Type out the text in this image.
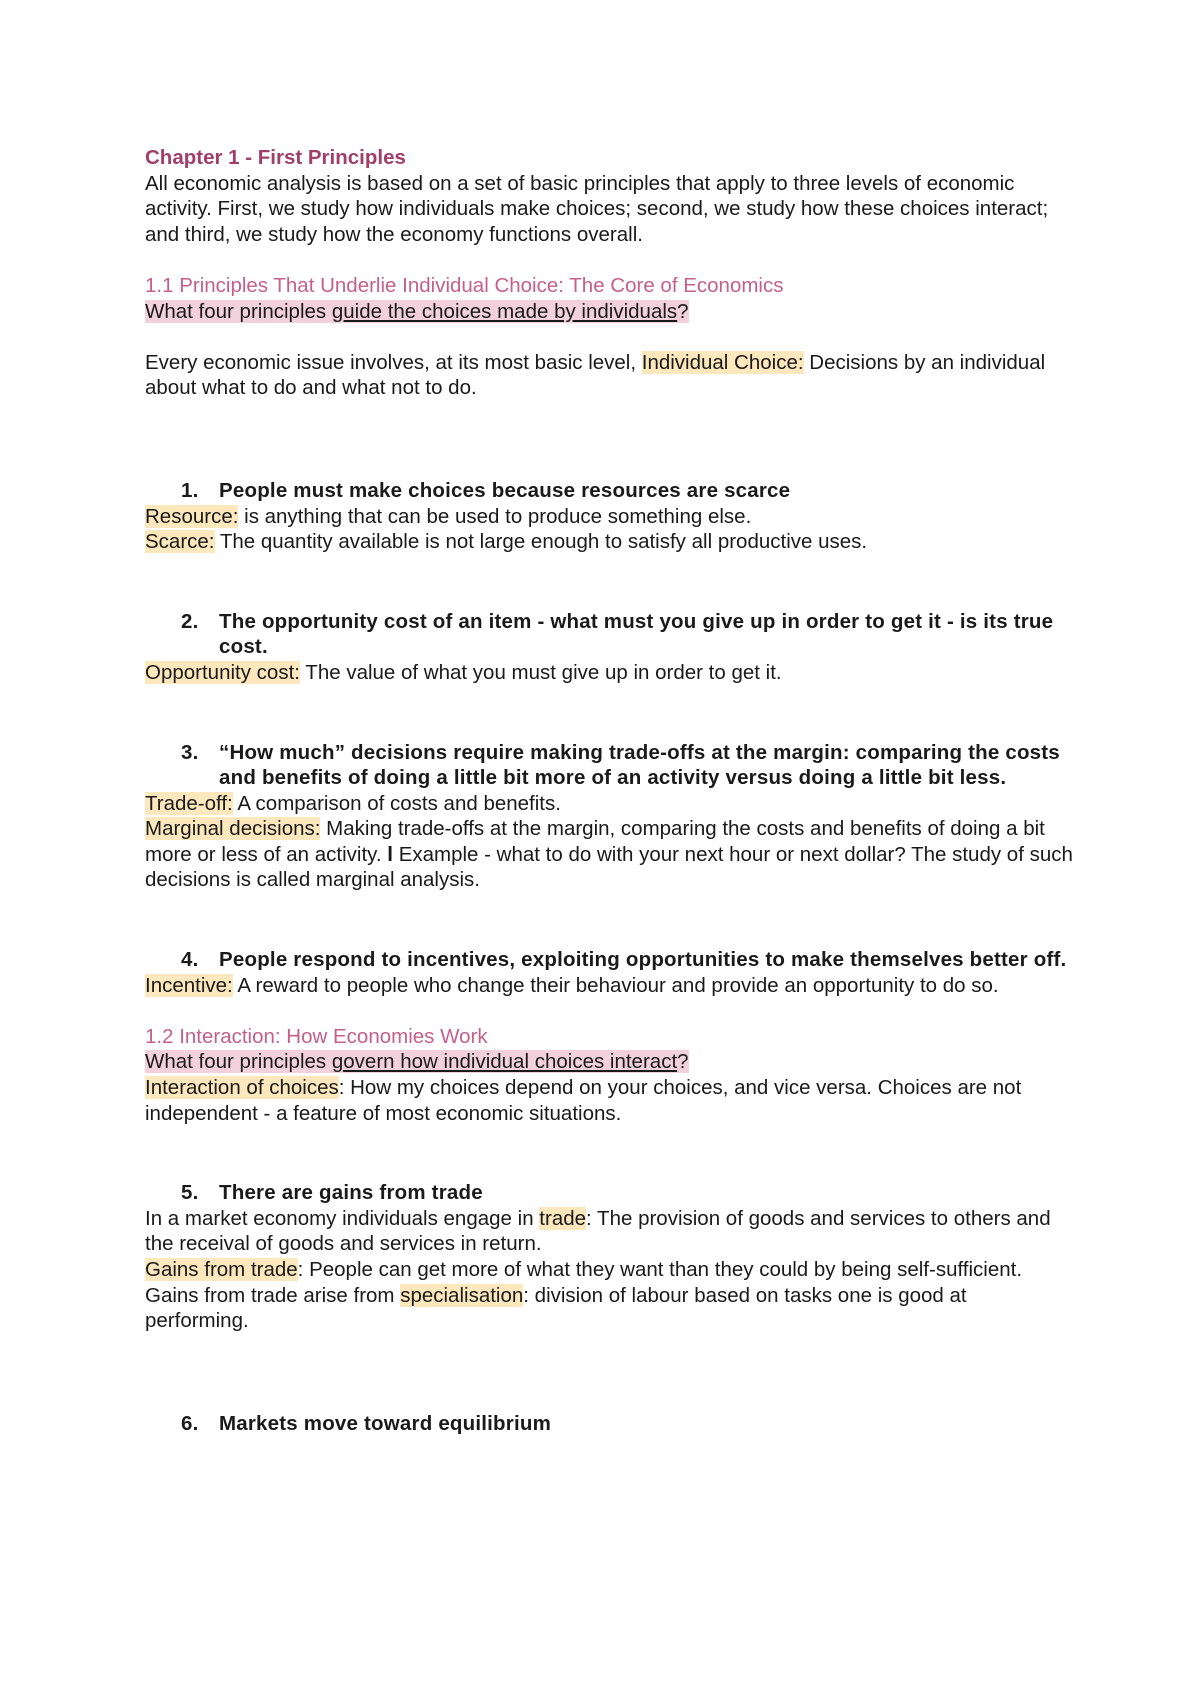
Chapter 1 - First Principles

All economic analysis is based on a set of basic principles that apply to three levels of economic activity. First, we study how individuals make choices; second, we study how these choices interact; and third, we study how the economy functions overall.

1.1 Principles That Underlie Individual Choice: The Core of Economics

What four principles guide the choices made by individuals?

Every economic issue involves, at its most basic level, Individual Choice: Decisions by an individual about what to do and what not to do.

1. People must make choices because resources are scarce

Resource: is anything that can be used to produce something else.

Scarce: The quantity available is not large enough to satisfy all productive uses.

2. The opportunity cost of an item - what must you give up in order to get it - is its true cost.

Opportunity cost: The value of what you must give up in order to get it.

3. “How much” decisions require making trade-offs at the margin: comparing the costs and benefits of doing a little bit more of an activity versus doing a little bit less.

Trade-off: A comparison of costs and benefits.

Marginal decisions: Making trade-offs at the margin, comparing the costs and benefits of doing a bit more or less of an activity. l Example - what to do with your next hour or next dollar? The study of such decisions is called marginal analysis.

4. People respond to incentives, exploiting opportunities to make themselves better off.

Incentive: A reward to people who change their behaviour and provide an opportunity to do so.

1.2 Interaction: How Economies Work

What four principles govern how individual choices interact?

Interaction of choices: How my choices depend on your choices, and vice versa. Choices are not independent - a feature of most economic situations.

5. There are gains from trade

In a market economy individuals engage in trade: The provision of goods and services to others and the receival of goods and services in return.

Gains from trade: People can get more of what they want than they could by being self-sufficient.

Gains from trade arise from specialisation: division of labour based on tasks one is good at performing.

6. Markets move toward equilibrium
